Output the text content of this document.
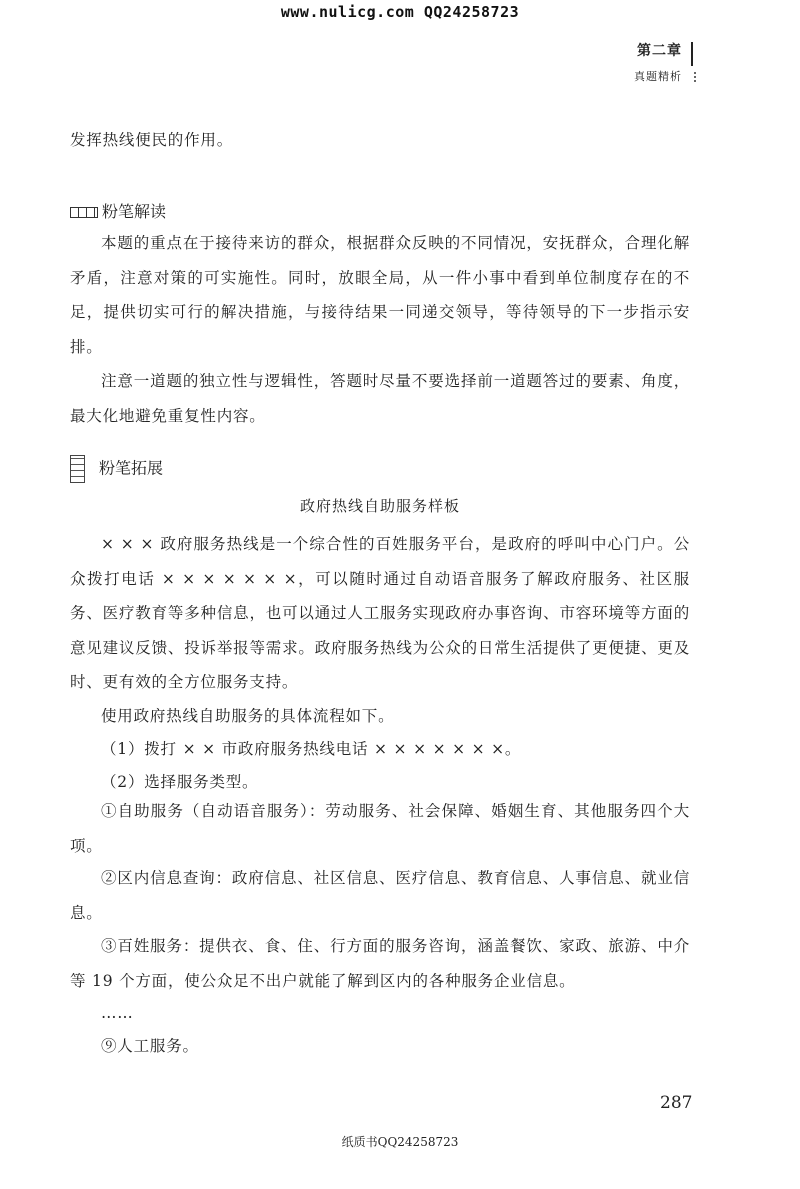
www.nulicg.com QQ24258723
第二章
真题精析
发挥热线便民的作用。
粉笔解读
本题的重点在于接待来访的群众，根据群众反映的不同情况，安抚群众，合理化解矛盾，注意对策的可实施性。同时，放眼全局，从一件小事中看到单位制度存在的不足，提供切实可行的解决措施，与接待结果一同递交领导，等待领导的下一步指示安排。
注意一道题的独立性与逻辑性，答题时尽量不要选择前一道题答过的要素、角度，最大化地避免重复性内容。
粉笔拓展
政府热线自助服务样板
× × × 政府服务热线是一个综合性的百姓服务平台，是政府的呼叫中心门户。公众拨打电话 × × × × × × ×，可以随时通过自动语音服务了解政府服务、社区服务、医疗教育等多种信息，也可以通过人工服务实现政府办事咨询、市容环境等方面的意见建议反馈、投诉举报等需求。政府服务热线为公众的日常生活提供了更便捷、更及时、更有效的全方位服务支持。
使用政府热线自助服务的具体流程如下。
（1）拨打 × × 市政府服务热线电话 × × × × × × ×。
（2）选择服务类型。
①自助服务（自动语音服务）：劳动服务、社会保障、婚姻生育、其他服务四个大项。
②区内信息查询：政府信息、社区信息、医疗信息、教育信息、人事信息、就业信息。
③百姓服务：提供衣、食、住、行方面的服务咨询，涵盖餐饮、家政、旅游、中介等 19 个方面，使公众足不出户就能了解到区内的各种服务企业信息。
……
⑨人工服务。
287
纸质书QQ24258723
